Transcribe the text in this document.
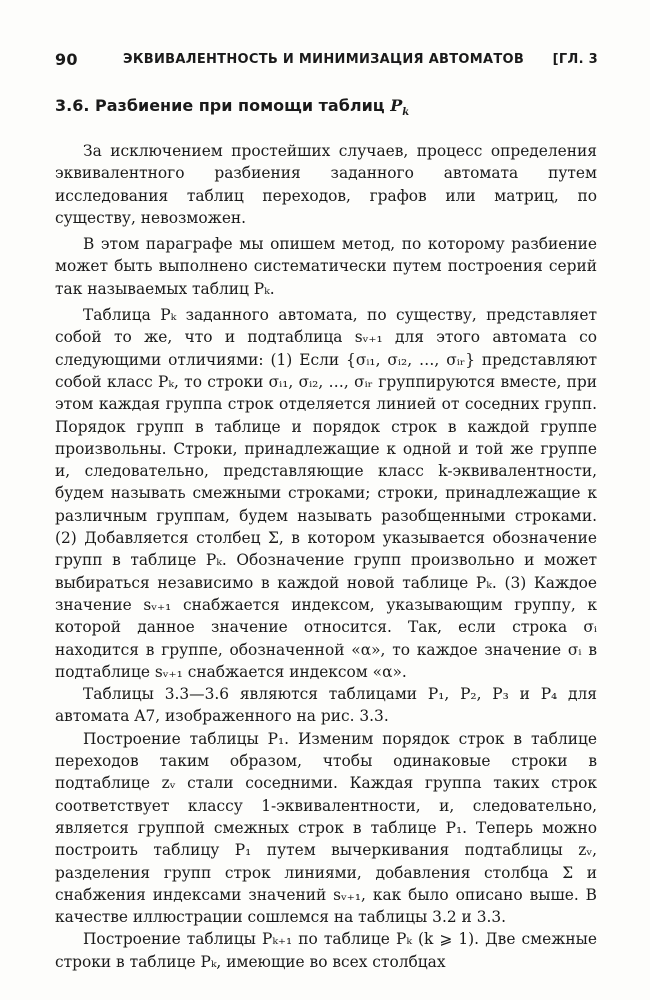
90	ЭКВИВАЛЕНТНОСТЬ И МИНИМИЗАЦИЯ АВТОМАТОВ [ГЛ. 3
3.6. Разбиение при помощи таблиц $P_k$

За исключением простейших случаев, процесс определения эквивалентного разбиения заданного автомата путем исследования таблиц переходов, графов или матриц, по существу, невозможен.

В этом параграфе мы опишем метод, по которому разбиение может быть выполнено систематически путем построения серий так называемых таблиц Pₖ.

Таблица Pₖ заданного автомата, по существу, представляет собой то же, что и подтаблица sᵥ₊₁ для этого автомата со следующими отличиями: (1) Если {σᵢ₁, σᵢ₂, …, σᵢᵣ} представляют собой класс Pₖ, то строки σᵢ₁, σᵢ₂, …, σᵢᵣ группируются вместе, при этом каждая группа строк отделяется линией от соседних групп. Порядок групп в таблице и порядок строк в каждой группе произвольны. Строки, принадлежащие к одной и той же группе и, следовательно, представляющие класс k-эквивалентности, будем называть смежными строками; строки, принадлежащие к различным группам, будем называть разобщенными строками. (2) Добавляется столбец Σ, в котором указывается обозначение групп в таблице Pₖ. Обозначение групп произвольно и может выбираться независимо в каждой новой таблице Pₖ. (3) Каждое значение sᵥ₊₁ снабжается индексом, указывающим группу, к которой данное значение относится. Так, если строка σᵢ находится в группе, обозначенной «α», то каждое значение σᵢ в подтаблице sᵥ₊₁ снабжается индексом «α».

Таблицы 3.3—3.6 являются таблицами P₁, P₂, P₃ и P₄ для автомата A7, изображенного на рис. 3.3.

Построение таблицы P₁. Изменим порядок строк в таблице переходов таким образом, чтобы одинаковые строки в подтаблице zᵥ стали соседними. Каждая группа таких строк соответствует классу 1-эквивалентности, и, следовательно, является группой смежных строк в таблице P₁. Теперь можно построить таблицу P₁ путем вычеркивания подтаблицы zᵥ, разделения групп строк линиями, добавления столбца Σ и снабжения индексами значений sᵥ₊₁, как было описано выше. В качестве иллюстрации сошлемся на таблицы 3.2 и 3.3.

Построение таблицы Pₖ₊₁ по таблице Pₖ (k ⩾ 1). Две смежные строки в таблице Pₖ, имеющие во всех столбцах
